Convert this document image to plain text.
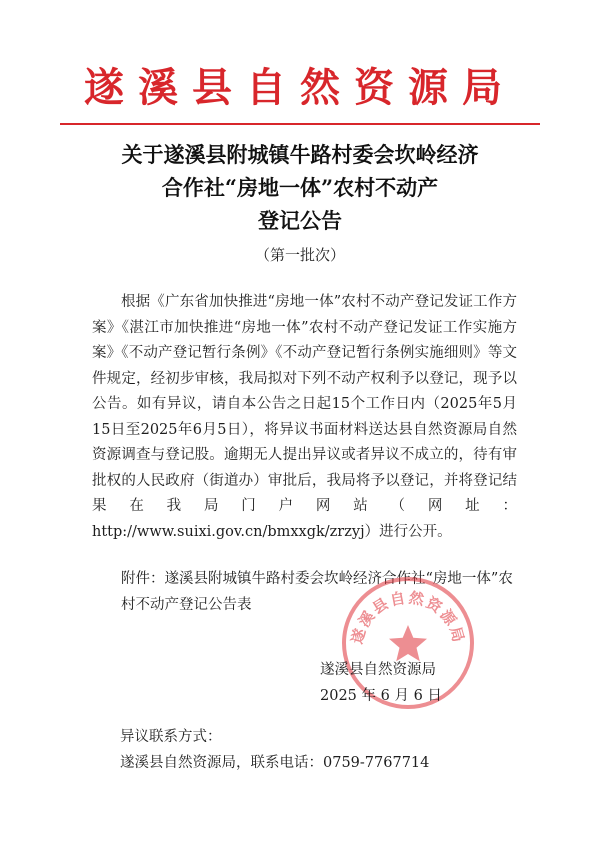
遂溪县自然资源局
关于遂溪县附城镇牛路村委会坎岭经济
合作社“房地一体”农村不动产
登记公告
（第一批次）
根据《广东省加快推进“房地一体”农村不动产登记发证工作方案》《湛江市加快推进“房地一体”农村不动产登记发证工作实施方案》《不动产登记暂行条例》《不动产登记暂行条例实施细则》等文件规定，经初步审核，我局拟对下列不动产权利予以登记，现予以公告。如有异议，请自本公告之日起15个工作日内（2025年5月15日至2025年6月5日），将异议书面材料送达县自然资源局自然资源调查与登记股。逾期无人提出异议或者异议不成立的，待有审批权的人民政府（街道办）审批后，我局将予以登记，并将登记结果在我局门户网站（网址：http://www.suixi.gov.cn/bmxxgk/zrzyj）进行公开。
附件：遂溪县附城镇牛路村委会坎岭经济合作社“房地一体”农村不动产登记公告表
遂溪县自然资源局
遂溪县自然资源局
2025 年 6 月 6 日
异议联系方式：
遂溪县自然资源局，联系电话：0759-7767714
